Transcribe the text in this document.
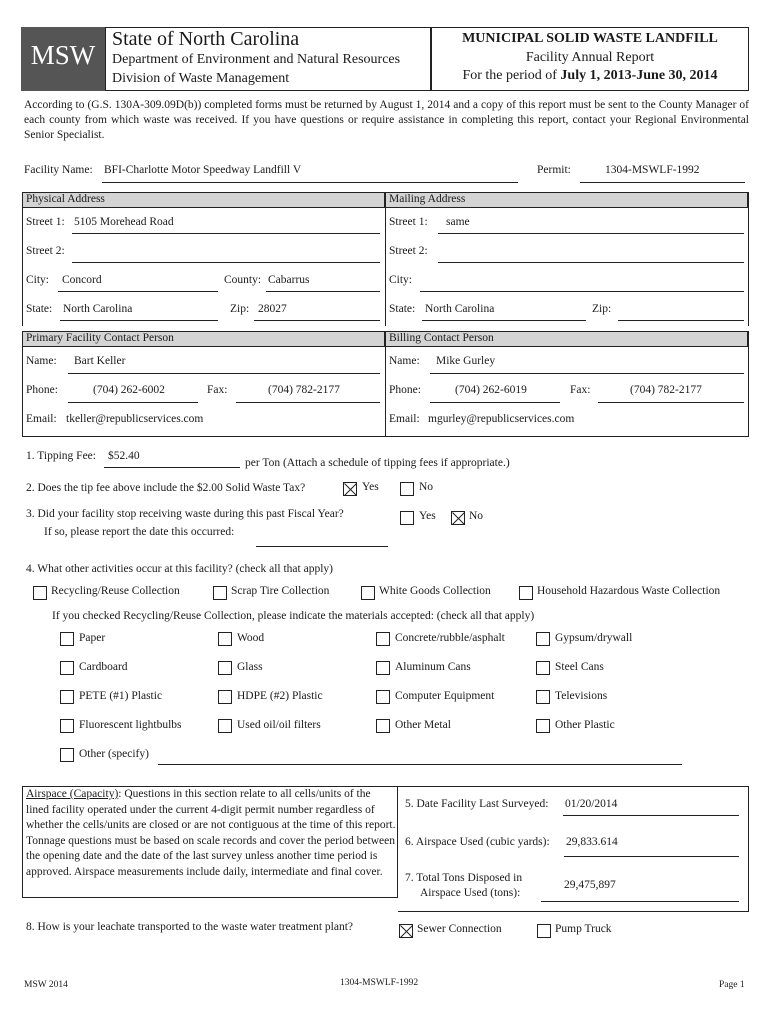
MSW
State of North Carolina
Department of Environment and Natural Resources
Division of Waste Management
MUNICIPAL SOLID WASTE LANDFILL
Facility Annual Report
For the period of July 1, 2013-June 30, 2014
According to (G.S. 130A-309.09D(b)) completed forms must be returned by August 1, 2014 and a copy of this report must be sent to the County Manager of each county from which waste was received. If you have questions or require assistance in completing this report, contact your Regional Environmental Senior Specialist.
Facility Name: BFI-Charlotte Motor Speedway Landfill V	Permit:	1304-MSWLF-1992
Physical Address	Mailing Address
Street 1: 5105 Morehead Road	Street 1: same
Street 2:	Street 2:
City: Concord	County: Cabarrus	City:
State: North Carolina	Zip: 28027	State: North Carolina	Zip:
Primary Facility Contact Person	Billing Contact Person
Name: Bart Keller	Name: Mike Gurley
Phone:	(704) 262-6002	Fax:	(704) 782-2177	Phone:	(704) 262-6019	Fax:	(704) 782-2177
Email: tkeller@republicservices.com	Email: mgurley@republicservices.com
1. Tipping Fee: $52.40
per Ton (Attach a schedule of tipping fees if appropriate.)
2. Does the tip fee above include the $2.00 Solid Waste Tax?	Yes	No
3. Did your facility stop receiving waste during this past Fiscal Year?	Yes	No
If so, please report the date this occurred:
4. What other activities occur at this facility? (check all that apply)
Recycling/Reuse Collection	Scrap Tire Collection	White Goods Collection	Household Hazardous Waste Collection
If you checked Recycling/Reuse Collection, please indicate the materials accepted: (check all that apply)
Paper	Wood	Concrete/rubble/asphalt	Gypsum/drywall
Cardboard	Glass	Aluminum Cans	Steel Cans
PETE (#1) Plastic	HDPE (#2) Plastic	Computer Equipment	Televisions
Fluorescent lightbulbs	Used oil/oil filters	Other Metal	Other Plastic
Other (specify)
Airspace (Capacity): Questions in this section relate to all cells/units of the lined facility operated under the current 4-digit permit number regardless of whether the cells/units are closed or are not contiguous at the time of this report. Tonnage questions must be based on scale records and cover the period between the opening date and the date of the last survey unless another time period is approved. Airspace measurements include daily, intermediate and final cover.
5. Date Facility Last Surveyed: 01/20/2014
6. Airspace Used (cubic yards): 29,833.614
7. Total Tons Disposed in
Airspace Used (tons):
29,475,897
8. How is your leachate transported to the waste water treatment plant?	Sewer Connection	Pump Truck
MSW 2014	1304-MSWLF-1992	Page 1
